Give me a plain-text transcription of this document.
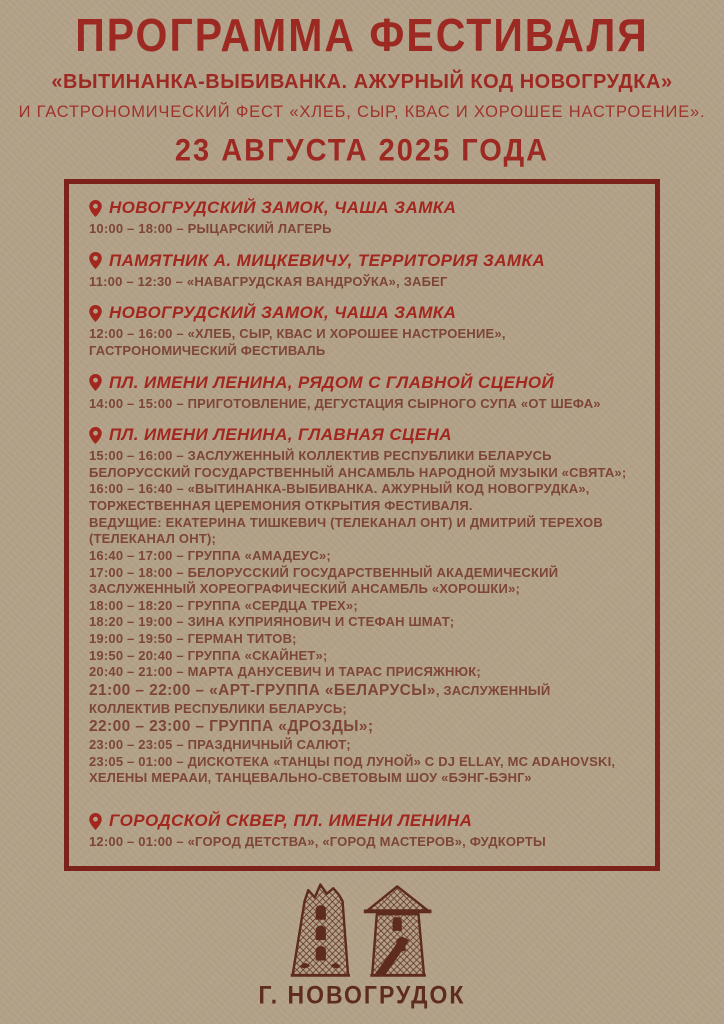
ПРОГРАММА ФЕСТИВАЛЯ
«ВЫТИНАНКА-ВЫБИВАНКА. АЖУРНЫЙ КОД НОВОГРУДКА»
И ГАСТРОНОМИЧЕСКИЙ ФЕСТ «ХЛЕБ, СЫР, КВАС И ХОРОШЕЕ НАСТРОЕНИЕ».
23 АВГУСТА 2025 ГОДА
НОВОГРУДСКИЙ ЗАМОК, ЧАША ЗАМКА
10:00 – 18:00 – РЫЦАРСКИЙ ЛАГЕРЬ
ПАМЯТНИК А. МИЦКЕВИЧУ, ТЕРРИТОРИЯ ЗАМКА
11:00 – 12:30 – «НАВАГРУДСКАЯ ВАНДРОЎКА», ЗАБЕГ
НОВОГРУДСКИЙ ЗАМОК, ЧАША ЗАМКА
12:00 – 16:00 – «ХЛЕБ, СЫР, КВАС И ХОРОШЕЕ НАСТРОЕНИЕ», ГАСТРОНОМИЧЕСКИЙ ФЕСТИВАЛЬ
ПЛ. ИМЕНИ ЛЕНИНА, РЯДОМ С ГЛАВНОЙ СЦЕНОЙ
14:00 – 15:00 – ПРИГОТОВЛЕНИЕ, ДЕГУСТАЦИЯ СЫРНОГО СУПА «ОТ ШЕФА»
ПЛ. ИМЕНИ ЛЕНИНА, ГЛАВНАЯ СЦЕНА
15:00 – 16:00 – ЗАСЛУЖЕННЫЙ КОЛЛЕКТИВ РЕСПУБЛИКИ БЕЛАРУСЬ БЕЛОРУССКИЙ ГОСУДАРСТВЕННЫЙ АНСАМБЛЬ НАРОДНОЙ МУЗЫКИ «СВЯТА»;
16:00 – 16:40 – «ВЫТИНАНКА-ВЫБИВАНКА. АЖУРНЫЙ КОД НОВОГРУДКА», ТОРЖЕСТВЕННАЯ ЦЕРЕМОНИЯ ОТКРЫТИЯ ФЕСТИВАЛЯ.
ВЕДУЩИЕ: ЕКАТЕРИНА ТИШКЕВИЧ (ТЕЛЕКАНАЛ ОНТ) И ДМИТРИЙ ТЕРЕХОВ (ТЕЛЕКАНАЛ ОНТ);
16:40 – 17:00 – ГРУППА «АМАДЕУС»;
17:00 – 18:00 – БЕЛОРУССКИЙ ГОСУДАРСТВЕННЫЙ АКАДЕМИЧЕСКИЙ ЗАСЛУЖЕННЫЙ ХОРЕОГРАФИЧЕСКИЙ АНСАМБЛЬ «ХОРОШКИ»;
18:00 – 18:20 – ГРУППА «СЕРДЦА ТРЕХ»;
18:20 – 19:00 – ЗИНА КУПРИЯНОВИЧ И СТЕФАН ШМАТ;
19:00 – 19:50 – ГЕРМАН ТИТОВ;
19:50 – 20:40 – ГРУППА «СКАЙНЕТ»;
20:40 – 21:00 – МАРТА ДАНУСЕВИЧ И ТАРАС ПРИСЯЖНЮК;
21:00 – 22:00 – «АРТ-ГРУППА «БЕЛАРУСЫ», ЗАСЛУЖЕННЫЙ КОЛЛЕКТИВ РЕСПУБЛИКИ БЕЛАРУСЬ;
22:00 – 23:00 – ГРУППА «ДРОЗДЫ»;
23:00 – 23:05 – ПРАЗДНИЧНЫЙ САЛЮТ;
23:05 – 01:00 – ДИСКОТЕКА «ТАНЦЫ ПОД ЛУНОЙ» С DJ ELLAY, MC ADAHOVSKI, ХЕЛЕНЫ МЕРААИ, ТАНЦЕВАЛЬНО-СВЕТОВЫМ ШОУ «БЭНГ-БЭНГ»
ГОРОДСКОЙ СКВЕР, ПЛ. ИМЕНИ ЛЕНИНА
12:00 – 01:00 – «ГОРОД ДЕТСТВА», «ГОРОД МАСТЕРОВ», ФУДКОРТЫ
Г. НОВОГРУДОК
